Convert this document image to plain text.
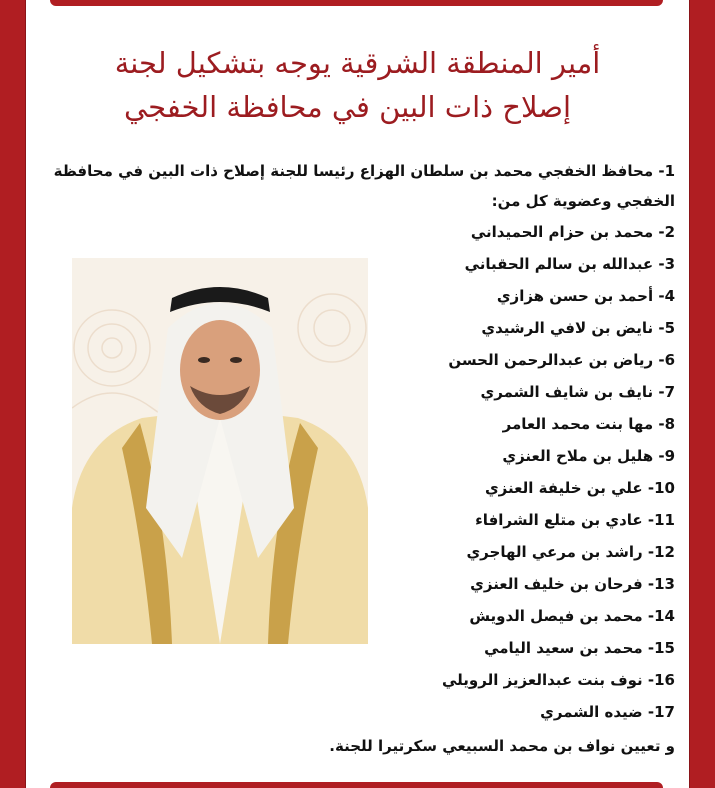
أمير المنطقة الشرقية يوجه بتشكيل لجنة

إصلاح ذات البين في محافظة الخفجي

1- محافظ الخفجي محمد بن سلطان الهزاع رئيسا للجنة إصلاح ذات البين في محافظة الخفجي وعضوية كل من:

2- محمد بن حزام الحميداني
3- عبدالله بن سالم الحقباني
4- أحمد بن حسن هزازي
5- نايض بن لافي الرشيدي
6- رياض بن عبدالرحمن الحسن
7- نايف بن شايف الشمري
8- مها بنت محمد العامر
9- هليل بن ملاح العنزي
10- علي بن خليفة العنزي
11- عادي بن متلع الشرافاء
12- راشد بن مرعي الهاجري
13- فرحان بن خليف العنزي
14- محمد بن فيصل الدويش
15- محمد بن سعيد اليامي
16- نوف بنت عبدالعزيز الرويلي
17- ضيده الشمري
و تعيين نواف بن محمد السبيعي سكرتيرا للجنة.
